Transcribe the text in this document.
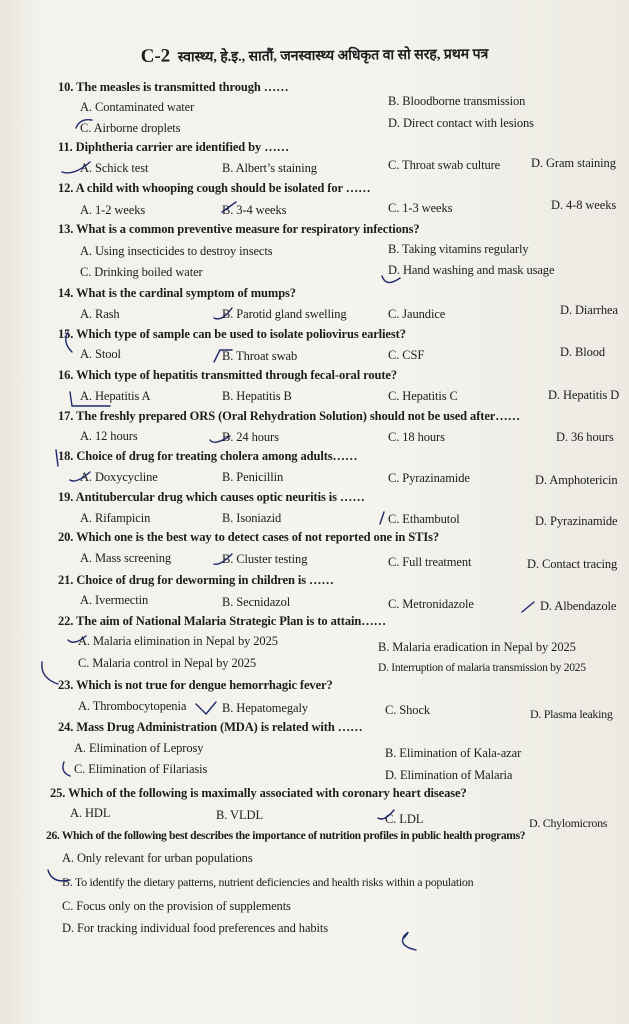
C-2 स्वास्थ्य, हे.इ., सातौं, जनस्वास्थ्य अधिकृत वा सो सरह, प्रथम पत्र
10. The measles is transmitted through ……
A. Contaminated water	B. Bloodborne transmission
C. Airborne droplets	D. Direct contact with lesions
11. Diphtheria carrier are identified by ……
A. Schick test	B. Albert’s staining	C. Throat swab culture D. Gram staining
12. A child with whooping cough should be isolated for ……
A. 1-2 weeks	B. 3-4 weeks	C. 1-3 weeks	D. 4-8 weeks
13. What is a common preventive measure for respiratory infections?
A. Using insecticides to destroy insects	B. Taking vitamins regularly
C. Drinking boiled water	D. Hand washing and mask usage
14. What is the cardinal symptom of mumps?
A. Rash	B. Parotid gland swelling	C. Jaundice	D. Diarrhea
15. Which type of sample can be used to isolate poliovirus earliest?
A. Stool	B. Throat swab	C. CSF	D. Blood
16. Which type of hepatitis transmitted through fecal-oral route?
A. Hepatitis A	B. Hepatitis B	C. Hepatitis C	D. Hepatitis D
17. The freshly prepared ORS (Oral Rehydration Solution) should not be used after……
A. 12 hours	B. 24 hours	C. 18 hours	D. 36 hours
18. Choice of drug for treating cholera among adults……
A. Doxycycline	B. Penicillin	C. Pyrazinamide	D. Amphotericin
19. Antitubercular drug which causes optic neuritis is ……
A. Rifampicin	B. Isoniazid	C. Ethambutol	D. Pyrazinamide
20. Which one is the best way to detect cases of not reported one in STIs?
A. Mass screening	B. Cluster testing	C. Full treatment	D. Contact tracing
21. Choice of drug for deworming in children is ……
A. Ivermectin	B. Secnidazol	C. Metronidazole	D. Albendazole
22. The aim of National Malaria Strategic Plan is to attain……
A. Malaria elimination in Nepal by 2025	B. Malaria eradication in Nepal by 2025
C. Malaria control in Nepal by 2025	D. Interruption of malaria transmission by 2025
23. Which is not true for dengue hemorrhagic fever?
A. Thrombocytopenia	B. Hepatomegaly	C. Shock	D. Plasma leaking
24. Mass Drug Administration (MDA) is related with ……
A. Elimination of Leprosy	B. Elimination of Kala-azar
C. Elimination of Filariasis	D. Elimination of Malaria
25. Which of the following is maximally associated with coronary heart disease?
A. HDL	B. VLDL	C. LDL	D. Chylomicrons
26. Which of the following best describes the importance of nutrition profiles in public health programs?
A. Only relevant for urban populations
B. To identify the dietary patterns, nutrient deficiencies and health risks within a population
C. Focus only on the provision of supplements
D. For tracking individual food preferences and habits
